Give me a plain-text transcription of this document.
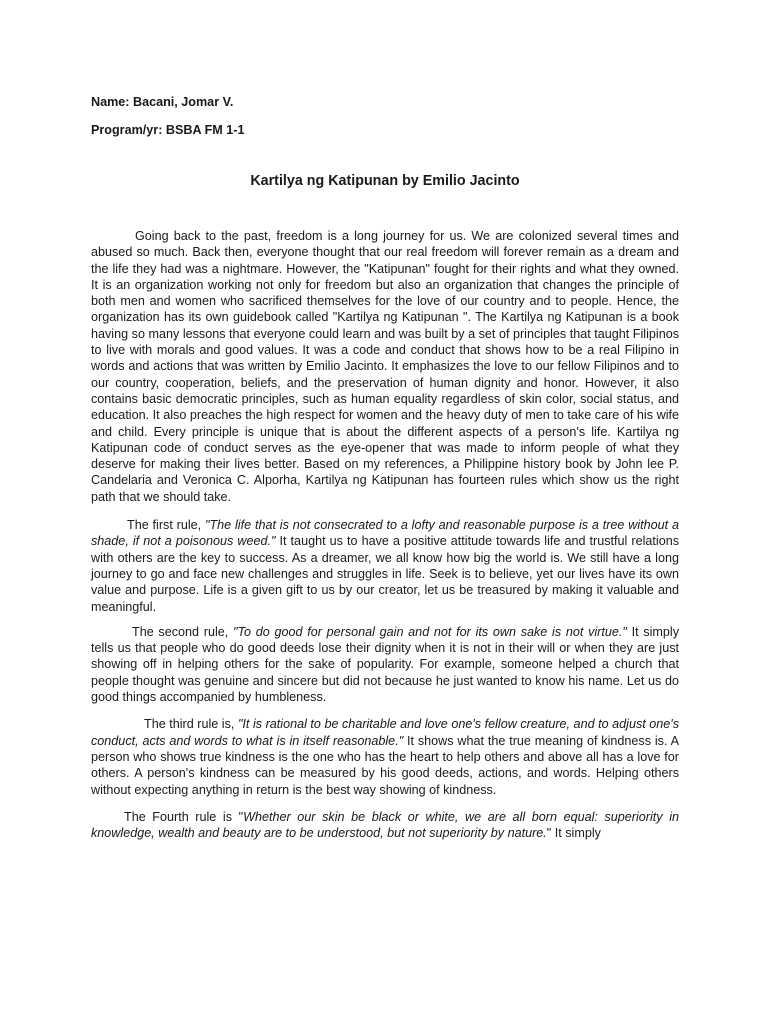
Name: Bacani, Jomar V.

Program/yr: BSBA FM 1-1

Kartilya ng Katipunan by Emilio Jacinto

Going back to the past, freedom is a long journey for us. We are colonized several times and abused so much. Back then, everyone thought that our real freedom will forever remain as a dream and the life they had was a nightmare. However, the "Katipunan" fought for their rights and what they owned. It is an organization working not only for freedom but also an organization that changes the principle of both men and women who sacrificed themselves for the love of our country and to people. Hence, the organization has its own guidebook called "Kartilya ng Katipunan ". The Kartilya ng Katipunan is a book having so many lessons that everyone could learn and was built by a set of principles that taught Filipinos to live with morals and good values. It was a code and conduct that shows how to be a real Filipino in words and actions that was written by Emilio Jacinto. It emphasizes the love to our fellow Filipinos and to our country, cooperation, beliefs, and the preservation of human dignity and honor. However, it also contains basic democratic principles, such as human equality regardless of skin color, social status, and education. It also preaches the high respect for women and the heavy duty of men to take care of his wife and child. Every principle is unique that is about the different aspects of a person's life. Kartilya ng Katipunan code of conduct serves as the eye-opener that was made to inform people of what they deserve for making their lives better. Based on my references, a Philippine history book by John lee P. Candelaria and Veronica C. Alporha, Kartilya ng Katipunan has fourteen rules which show us the right path that we should take.

The first rule, "The life that is not consecrated to a lofty and reasonable purpose is a tree without a shade, if not a poisonous weed." It taught us to have a positive attitude towards life and trustful relations with others are the key to success. As a dreamer, we all know how big the world is. We still have a long journey to go and face new challenges and struggles in life. Seek is to believe, yet our lives have its own value and purpose. Life is a given gift to us by our creator, let us be treasured by making it valuable and meaningful.

The second rule, "To do good for personal gain and not for its own sake is not virtue." It simply tells us that people who do good deeds lose their dignity when it is not in their will or when they are just showing off in helping others for the sake of popularity. For example, someone helped a church that people thought was genuine and sincere but did not because he just wanted to know his name. Let us do good things accompanied by humbleness.

The third rule is, "It is rational to be charitable and love one's fellow creature, and to adjust one's conduct, acts and words to what is in itself reasonable." It shows what the true meaning of kindness is. A person who shows true kindness is the one who has the heart to help others and above all has a love for others. A person's kindness can be measured by his good deeds, actions, and words. Helping others without expecting anything in return is the best way showing of kindness.

The Fourth rule is "Whether our skin be black or white, we are all born equal: superiority in knowledge, wealth and beauty are to be understood, but not superiority by nature." It simply
